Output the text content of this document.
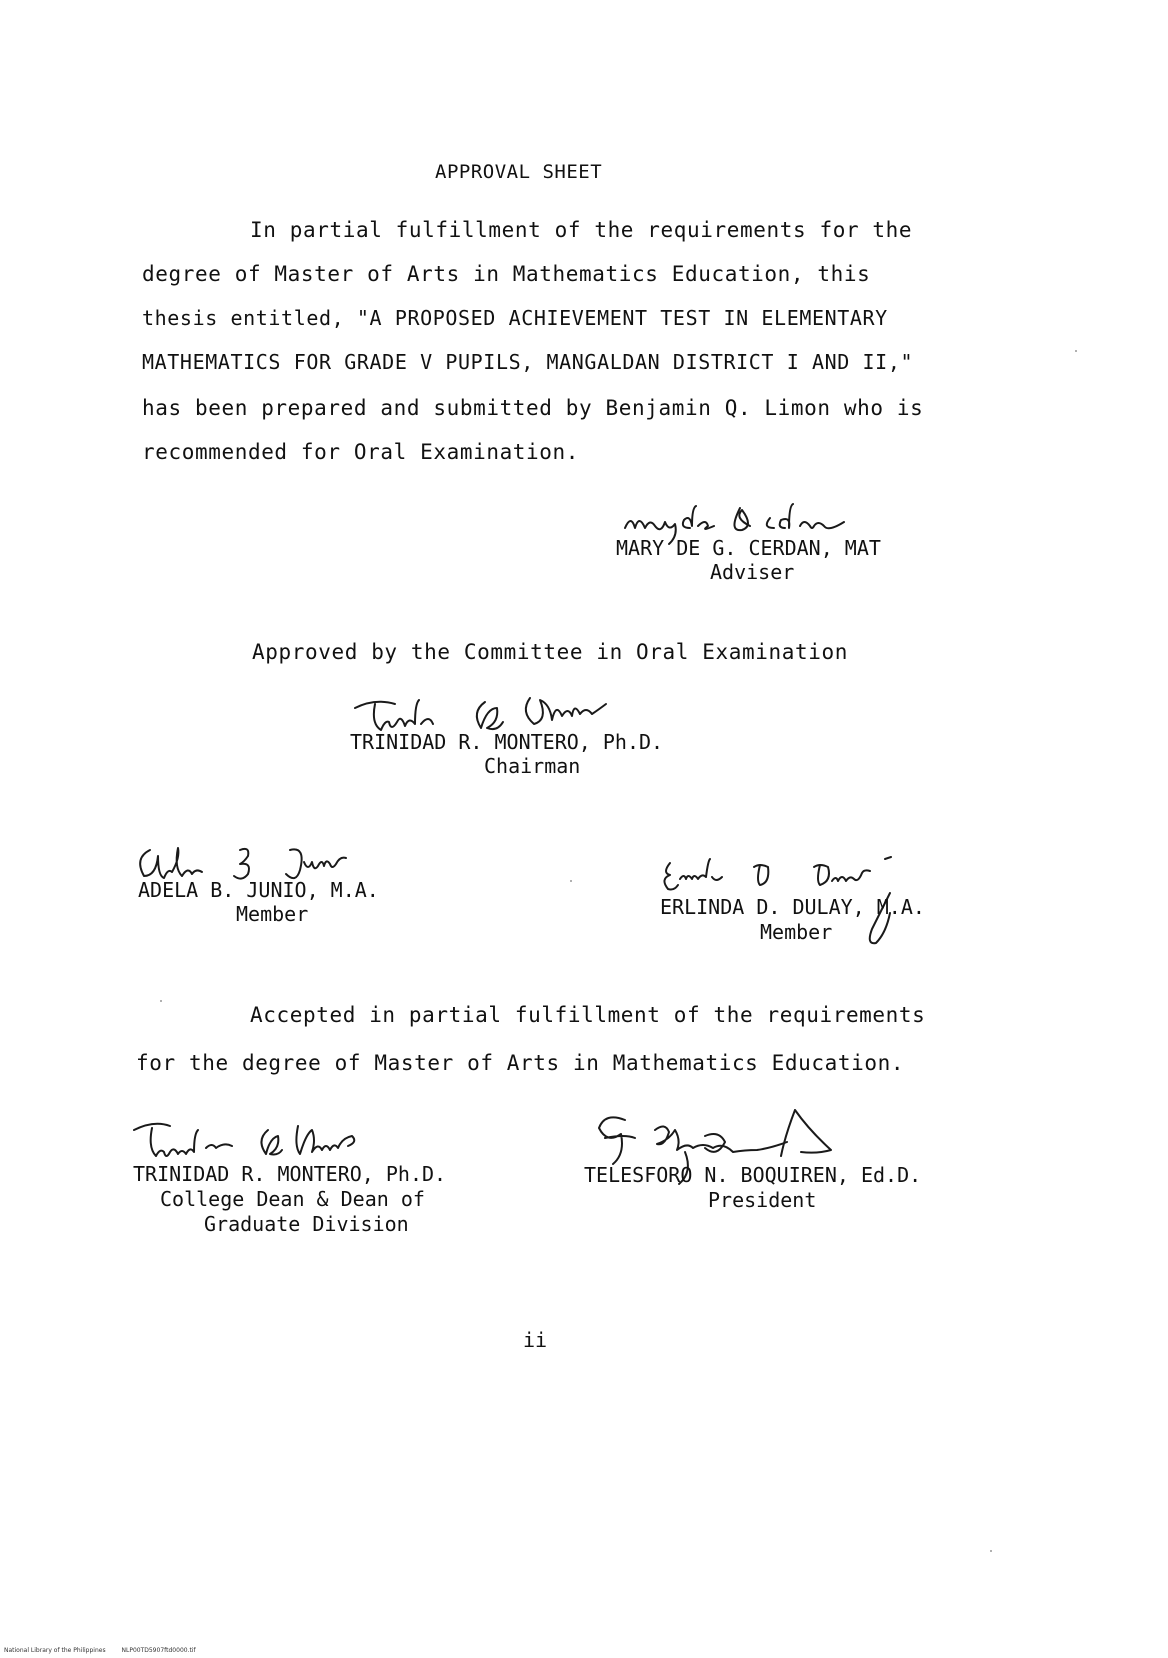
APPROVAL SHEET
In partial fulfillment of the requirements for the
degree of Master of Arts in Mathematics Education, this
thesis entitled, "A PROPOSED ACHIEVEMENT TEST IN ELEMENTARY
MATHEMATICS FOR GRADE V PUPILS, MANGALDAN DISTRICT I AND II,"
has been prepared and submitted by Benjamin Q. Limon who is
recommended for Oral Examination.
MARY DE G. CERDAN, MAT
Adviser
Approved by the Committee in Oral Examination
TRINIDAD R. MONTERO, Ph.D.
Chairman
ADELA B. JUNIO, M.A.
Member	ERLINDA D. DULAY, M.A.
Member
Accepted in partial fulfillment of the requirements
for the degree of Master of Arts in Mathematics Education.
TRINIDAD R. MONTERO, Ph.D.
College Dean & Dean of
Graduate Division
TELESFORO N. BOQUIREN, Ed.D.
President
ii
National Library of the Philippines	NLP00TD5907ftd0000.tif
